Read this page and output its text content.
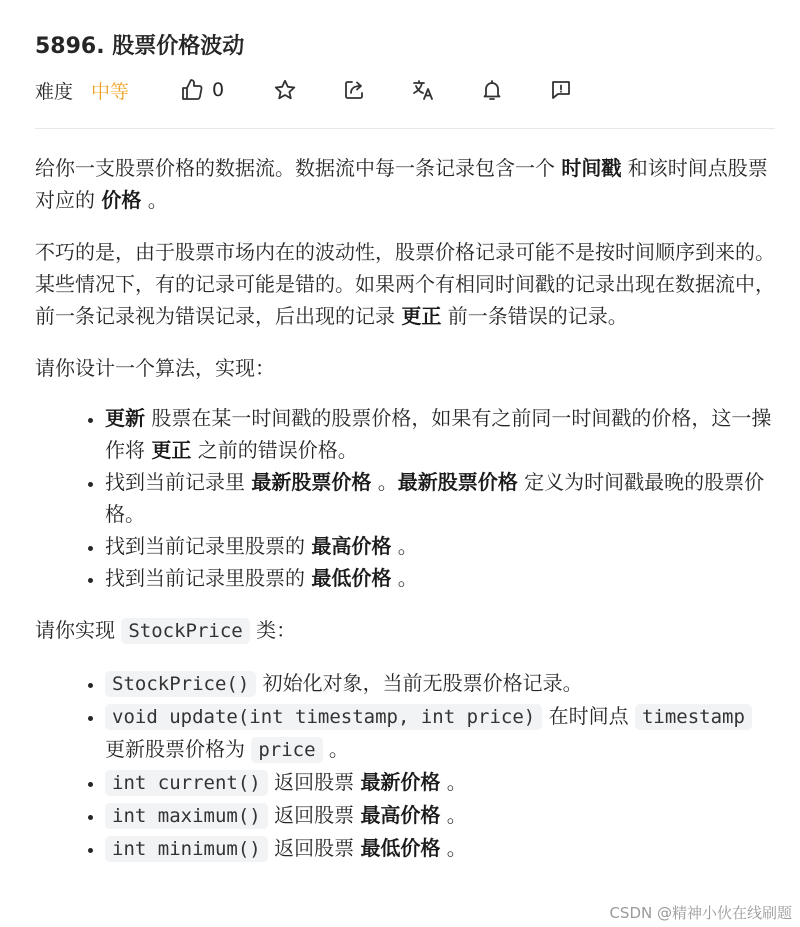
5896. 股票价格波动
难度 中等	0

给你一支股票价格的数据流。数据流中每一条记录包含一个 时间戳 和该时间点股票对应的 价格 。

不巧的是，由于股票市场内在的波动性，股票价格记录可能不是按时间顺序到来的。某些情况下，有的记录可能是错的。如果两个有相同时间戳的记录出现在数据流中，前一条记录视为错误记录，后出现的记录 更正 前一条错误的记录。

请你设计一个算法，实现：

• 更新 股票在某一时间戳的股票价格，如果有之前同一时间戳的价格，这一操作将 更正 之前的错误价格。
• 找到当前记录里 最新股票价格 。最新股票价格 定义为时间戳最晚的股票价格。
• 找到当前记录里股票的 最高价格 。
• 找到当前记录里股票的 最低价格 。

请你实现 StockPrice 类：

• StockPrice() 初始化对象，当前无股票价格记录。
• void update(int timestamp, int price) 在时间点 timestamp 更新股票价格为 price 。
• int current() 返回股票 最新价格 。
• int maximum() 返回股票 最高价格 。
• int minimum() 返回股票 最低价格 。
CSDN @精神小伙在线刷题
